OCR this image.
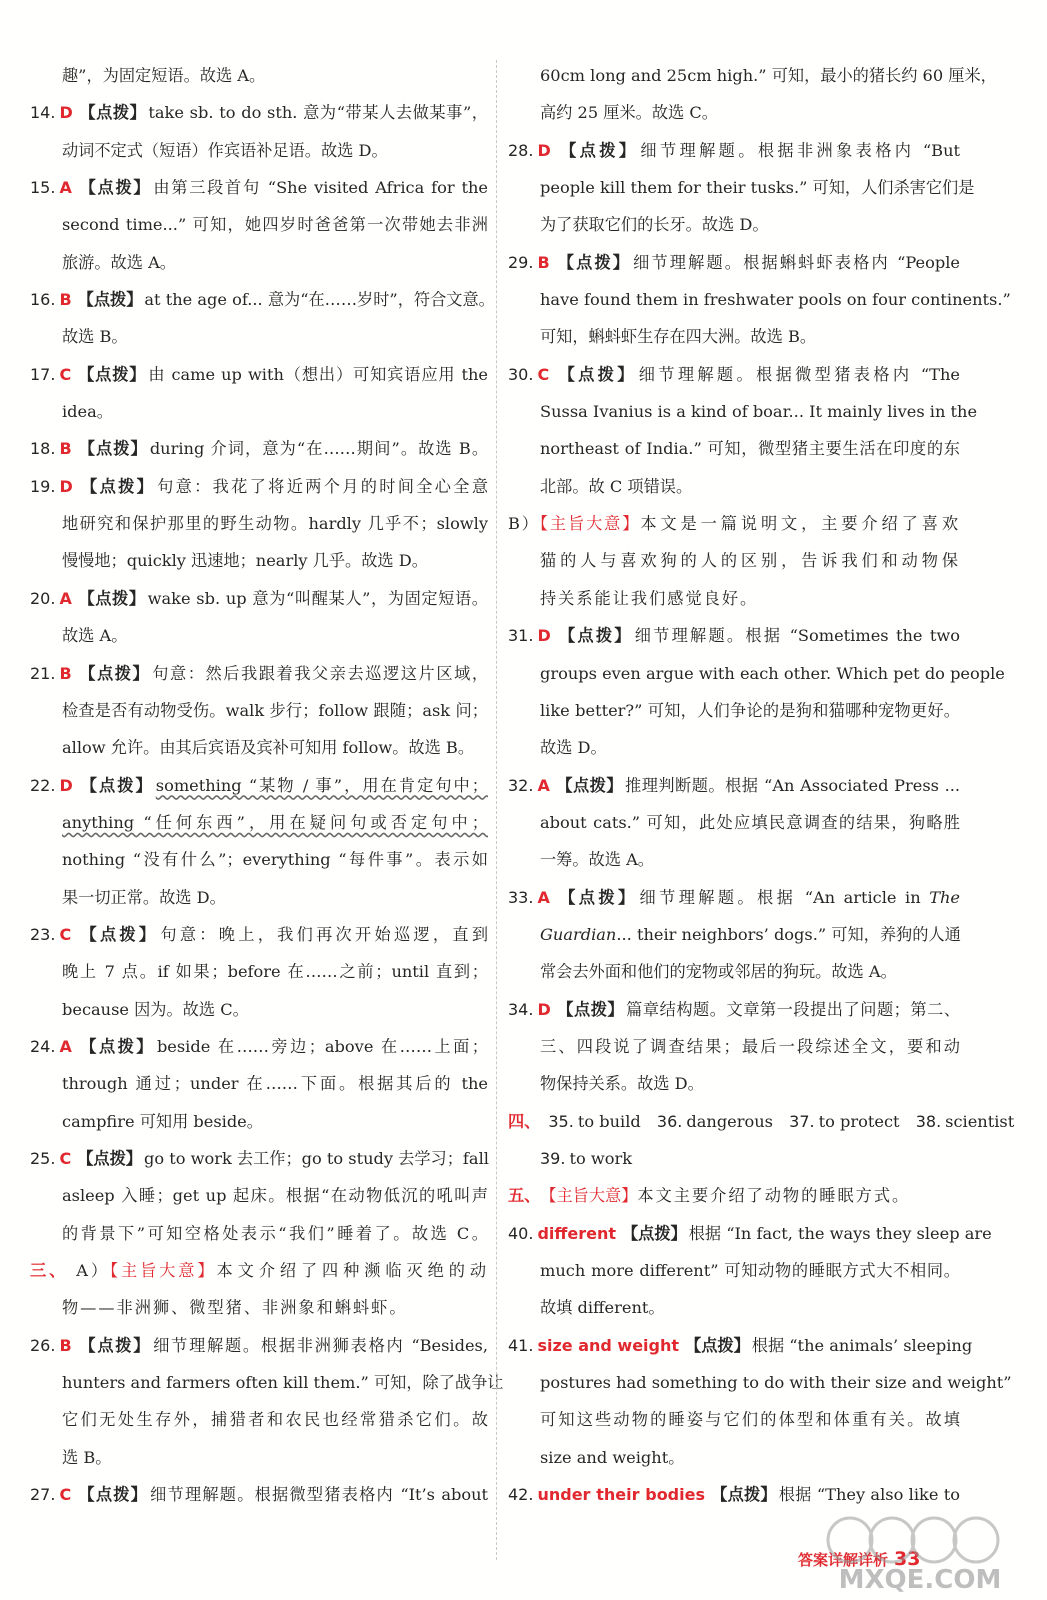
趣”，为固定短语。故选 A。
14. D 【点拨】 take sb. to do sth. 意为“带某人去做某事”，
动词不定式（短语）作宾语补足语。故选 D。
15. A 【点拨】 由第三段首句 “She visited Africa for the
second time...” 可知，她四岁时爸爸第一次带她去非洲
旅游。故选 A。
16. B 【点拨】 at the age of... 意为“在……岁时”，符合文意。
故选 B。
17. C 【点拨】 由 came up with（想出）可知宾语应用 the
idea。
18. B 【点拨】 during 介词，意为“在……期间”。故选 B。
19. D 【点拨】 句意：我花了将近两个月的时间全心全意
地研究和保护那里的野生动物。hardly 几乎不；slowly
慢慢地；quickly 迅速地；nearly 几乎。故选 D。
20. A 【点拨】 wake sb. up 意为“叫醒某人”，为固定短语。
故选 A。
21. B 【点拨】 句意：然后我跟着我父亲去巡逻这片区域，
检查是否有动物受伤。walk 步行；follow 跟随；ask 问；
allow 允许。由其后宾语及宾补可知用 follow。故选 B。
22. D 【点拨】 something “某物 / 事”，用在肯定句中；
anything “任何东西”，用在疑问句或否定句中；
nothing “没有什么”；everything “每件事”。表示如
果一切正常。故选 D。
23. C 【点拨】 句意：晚上，我们再次开始巡逻，直到
晚上 7 点。if 如果；before 在……之前；until 直到；
because 因为。故选 C。
24. A 【点拨】 beside 在……旁边；above 在……上面；
through 通过；under 在……下面。根据其后的 the
campfire 可知用 beside。
25. C 【点拨】 go to work 去工作；go to study 去学习；fall
asleep 入睡；get up 起床。根据“在动物低沉的吼叫声
的背景下”可知空格处表示“我们”睡着了。故选 C。
三、 A）【主旨大意】本文介绍了四种濒临灭绝的动
物——非洲狮、微型猪、非洲象和蝌蚪虾。
26. B 【点拨】 细节理解题。根据非洲狮表格内 “Besides,
hunters and farmers often kill them.” 可知，除了战争让
它们无处生存外，捕猎者和农民也经常猎杀它们。故
选 B。
27. C 【点拨】 细节理解题。根据微型猪表格内 “It’s about
60cm long and 25cm high.” 可知，最小的猪长约 60 厘米，
高约 25 厘米。故选 C。
28. D 【点拨】 细节理解题。根据非洲象表格内 “But
people kill them for their tusks.” 可知，人们杀害它们是
为了获取它们的长牙。故选 D。
29. B 【点拨】 细节理解题。根据蝌蚪虾表格内 “People
have found them in freshwater pools on four continents.”
可知，蝌蚪虾生存在四大洲。故选 B。
30. C 【点拨】 细节理解题。根据微型猪表格内 “The
Sussa Ivanius is a kind of boar... It mainly lives in the
northeast of India.” 可知，微型猪主要生活在印度的东
北部。故 C 项错误。
B）【主旨大意】本文是一篇说明文，主要介绍了喜欢
猫的人与喜欢狗的人的区别，告诉我们和动物保
持关系能让我们感觉良好。
31. D 【点拨】 细节理解题。根据 “Sometimes the two
groups even argue with each other. Which pet do people
like better?” 可知，人们争论的是狗和猫哪种宠物更好。
故选 D。
32. A 【点拨】 推理判断题。根据 “An Associated Press ...
about cats.” 可知，此处应填民意调查的结果，狗略胜
一筹。故选 A。
33. A 【点拨】 细节理解题。根据 “An article in The
Guardian... their neighbors’ dogs.” 可知，养狗的人通
常会去外面和他们的宠物或邻居的狗玩。故选 A。
34. D 【点拨】 篇章结构题。文章第一段提出了问题；第二、
三、四段说了调查结果；最后一段综述全文，要和动
物保持关系。故选 D。
四、 35. to build　36. dangerous　37. to protect　38. scientist
39. to work
五、 【主旨大意】本文主要介绍了动物的睡眠方式。
40. different 【点拨】 根据 “In fact, the ways they sleep are
much more different” 可知动物的睡眠方式大不相同。
故填 different。
41. size and weight 【点拨】 根据 “the animals’ sleeping
postures had something to do with their size and weight”
可知这些动物的睡姿与它们的体型和体重有关。故填
size and weight。
42. under their bodies 【点拨】 根据 “They also like to
答案详解详析 33
MXQE.COM
